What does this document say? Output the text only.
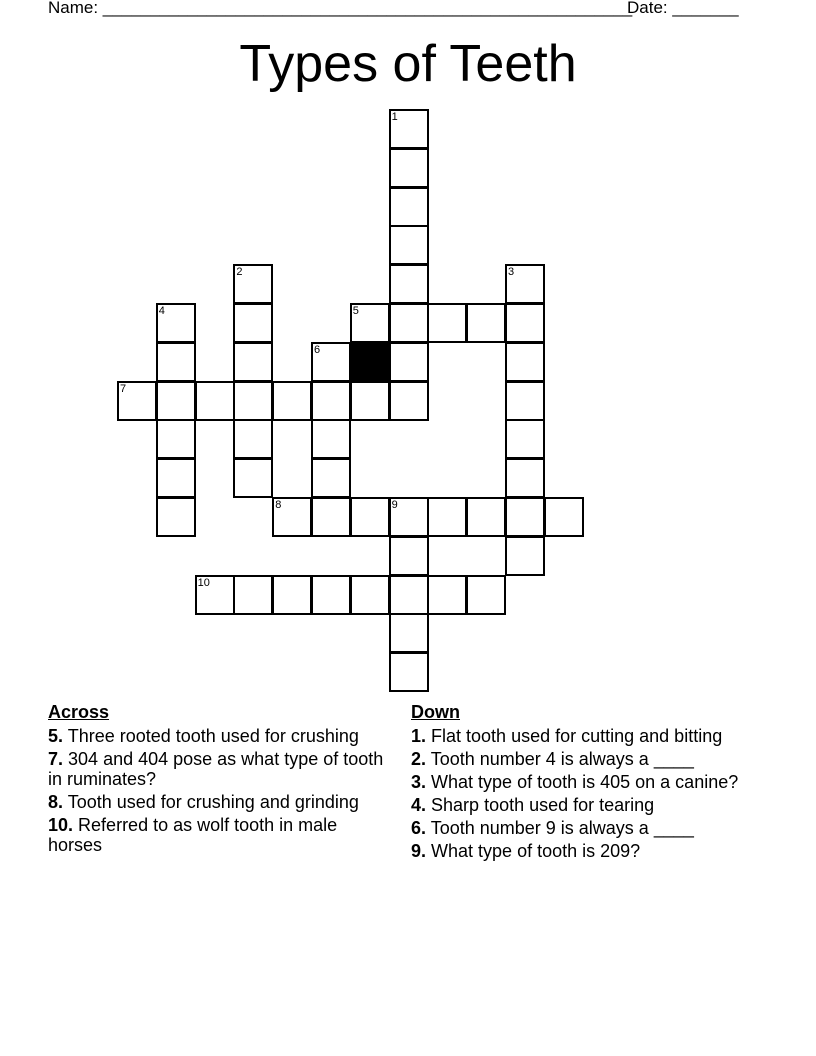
Name: ________________________________________________________
Date: _______
Types of Teeth
1
2	3
4	5
6
7
8	9
10
Across
5. Three rooted tooth used for crushing
7. 304 and 404 pose as what type of tooth in ruminates?
8. Tooth used for crushing and grinding
10. Referred to as wolf tooth in male horses
Down
1. Flat tooth used for cutting and bitting
2. Tooth number 4 is always a ____
3. What type of tooth is 405 on a canine?
4. Sharp tooth used for tearing
6. Tooth number 9 is always a ____
9. What type of tooth is 209?
